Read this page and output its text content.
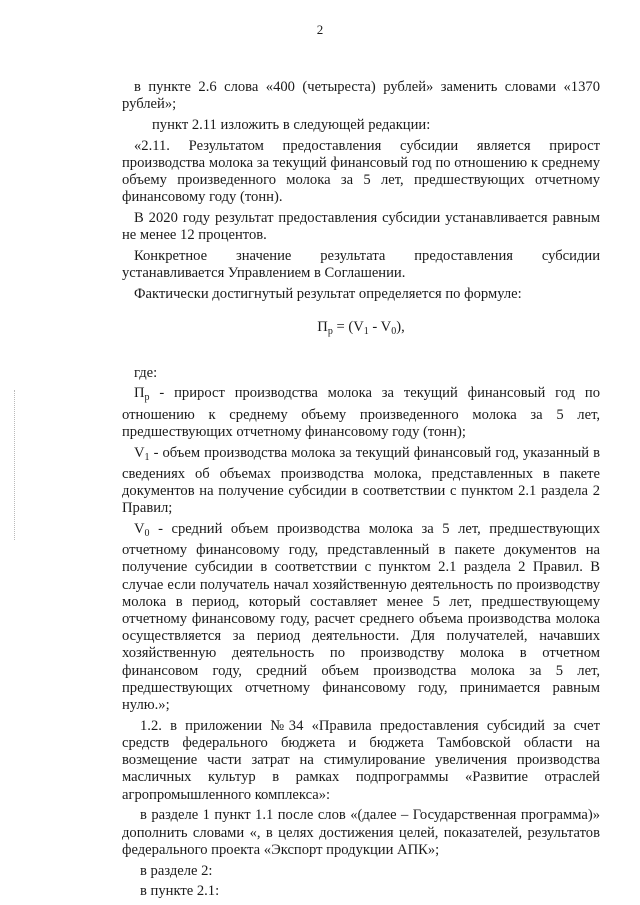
2

в пункте 2.6 слова «400 (четыреста) рублей» заменить словами «1370 рублей»;

пункт 2.11 изложить в следующей редакции:

«2.11. Результатом предоставления субсидии является прирост производства молока за текущий финансовый год по отношению к среднему объему произведенного молока за 5 лет, предшествующих отчетному финансовому году (тонн).

В 2020 году результат предоставления субсидии устанавливается равным не менее 12 процентов.

Конкретное значение результата предоставления субсидии устанавливается Управлением в Соглашении.

Фактически достигнутый результат определяется по формуле:

$П_р = (V_1 - V_0)$,

где:

$П_р$ - прирост производства молока за текущий финансовый год по отношению к среднему объему произведенного молока за 5 лет, предшествующих отчетному финансовому году (тонн);

$V_1$ - объем производства молока за текущий финансовый год, указанный в сведениях об объемах производства молока, представленных в пакете документов на получение субсидии в соответствии с пунктом 2.1 раздела 2 Правил;

$V_0$ - средний объем производства молока за 5 лет, предшествующих отчетному финансовому году, представленный в пакете документов на получение субсидии в соответствии с пунктом 2.1 раздела 2 Правил. В случае если получатель начал хозяйственную деятельность по производству молока в период, который составляет менее 5 лет, предшествующему отчетному финансовому году, расчет среднего объема производства молока осуществляется за период деятельности. Для получателей, начавших хозяйственную деятельность по производству молока в отчетном финансовом году, средний объем производства молока за 5 лет, предшествующих отчетному финансовому году, принимается равным нулю.»;

1.2. в приложении №34 «Правила предоставления субсидий за счет средств федерального бюджета и бюджета Тамбовской области на возмещение части затрат на стимулирование увеличения производства масличных культур в рамках подпрограммы «Развитие отраслей агропромышленного комплекса»:

в разделе 1 пункт 1.1 после слов «(далее – Государственная программа)» дополнить словами «, в целях достижения целей, показателей, результатов федерального проекта «Экспорт продукции АПК»;

в разделе 2:

в пункте 2.1:
